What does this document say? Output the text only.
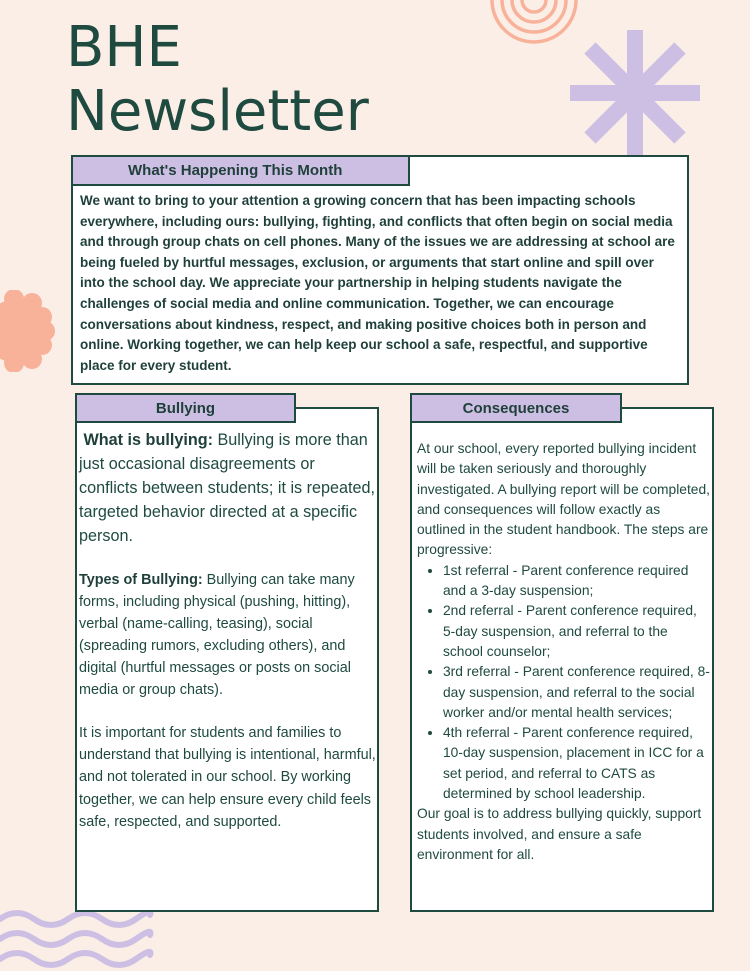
BHE
Newsletter
What's Happening This Month

We want to bring to your attention a growing concern that has been impacting schools everywhere, including ours: bullying, fighting, and conflicts that often begin on social media and through group chats on cell phones. Many of the issues we are addressing at school are being fueled by hurtful messages, exclusion, or arguments that start online and spill over into the school day. We appreciate your partnership in helping students navigate the challenges of social media and online communication. Together, we can encourage conversations about kindness, respect, and making positive choices both in person and online. Working together, we can help keep our school a safe, respectful, and supportive place for every student.

Bullying

What is bullying: Bullying is more than just occasional disagreements or conflicts between students; it is repeated, targeted behavior directed at a specific person.

Types of Bullying: Bullying can take many forms, including physical (pushing, hitting), verbal (name-calling, teasing), social (spreading rumors, excluding others), and digital (hurtful messages or posts on social media or group chats).

It is important for students and families to understand that bullying is intentional, harmful, and not tolerated in our school. By working together, we can help ensure every child feels safe, respected, and supported.

Consequences

At our school, every reported bullying incident will be taken seriously and thoroughly investigated. A bullying report will be completed, and consequences will follow exactly as outlined in the student handbook. The steps are progressive:

• 1st referral - Parent conference required and a 3-day suspension;
• 2nd referral - Parent conference required, 5-day suspension, and referral to the school counselor;
• 3rd referral - Parent conference required, 8-day suspension, and referral to the social worker and/or mental health services;
• 4th referral - Parent conference required, 10-day suspension, placement in ICC for a set period, and referral to CATS as determined by school leadership.

Our goal is to address bullying quickly, support students involved, and ensure a safe environment for all.
